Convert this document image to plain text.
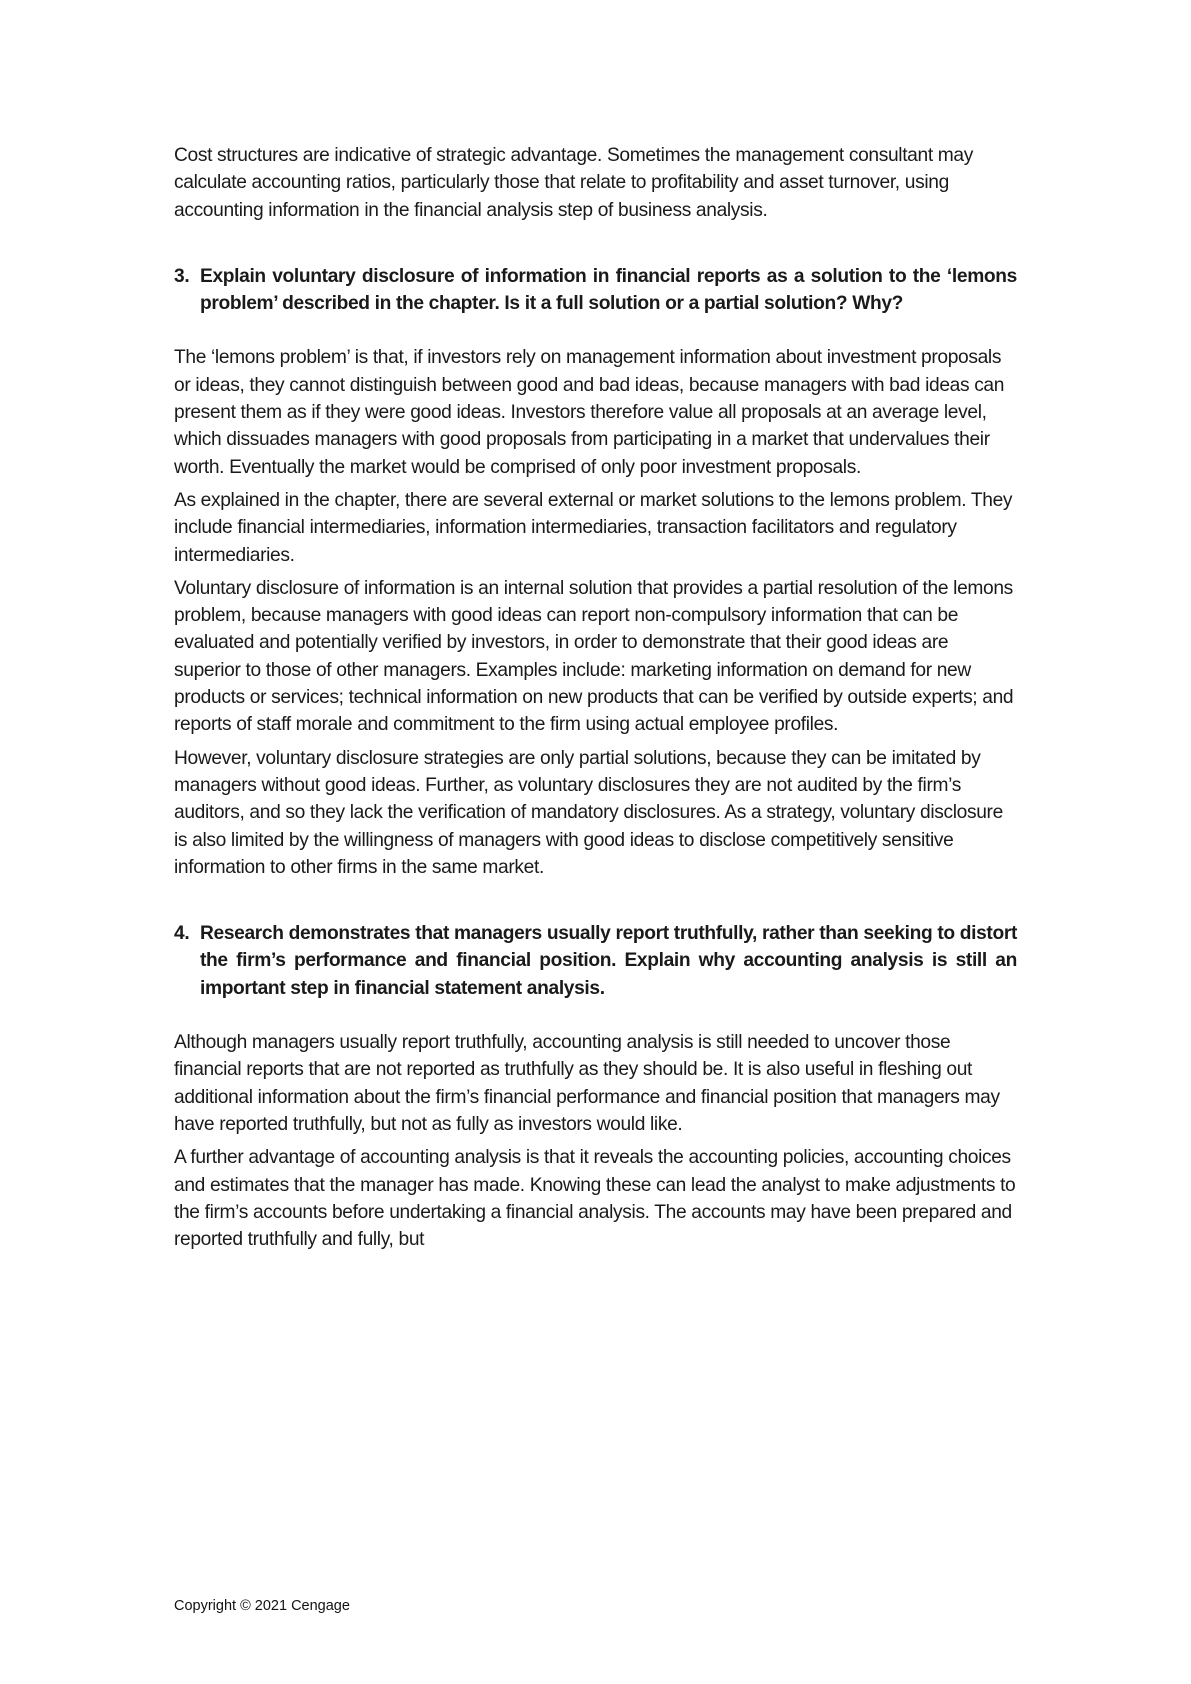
Cost structures are indicative of strategic advantage. Sometimes the management consultant may calculate accounting ratios, particularly those that relate to profitability and asset turnover, using accounting information in the financial analysis step of business analysis.

3. Explain voluntary disclosure of information in financial reports as a solution to the ‘lemons problem’ described in the chapter. Is it a full solution or a partial solution? Why?

The ‘lemons problem’ is that, if investors rely on management information about investment proposals or ideas, they cannot distinguish between good and bad ideas, because managers with bad ideas can present them as if they were good ideas. Investors therefore value all proposals at an average level, which dissuades managers with good proposals from participating in a market that undervalues their worth. Eventually the market would be comprised of only poor investment proposals.

As explained in the chapter, there are several external or market solutions to the lemons problem. They include financial intermediaries, information intermediaries, transaction facilitators and regulatory intermediaries.

Voluntary disclosure of information is an internal solution that provides a partial resolution of the lemons problem, because managers with good ideas can report non-compulsory information that can be evaluated and potentially verified by investors, in order to demonstrate that their good ideas are superior to those of other managers. Examples include: marketing information on demand for new products or services; technical information on new products that can be verified by outside experts; and reports of staff morale and commitment to the firm using actual employee profiles.

However, voluntary disclosure strategies are only partial solutions, because they can be imitated by managers without good ideas. Further, as voluntary disclosures they are not audited by the firm’s auditors, and so they lack the verification of mandatory disclosures. As a strategy, voluntary disclosure is also limited by the willingness of managers with good ideas to disclose competitively sensitive information to other firms in the same market.

4. Research demonstrates that managers usually report truthfully, rather than seeking to distort the firm’s performance and financial position. Explain why accounting analysis is still an important step in financial statement analysis.

Although managers usually report truthfully, accounting analysis is still needed to uncover those financial reports that are not reported as truthfully as they should be. It is also useful in fleshing out additional information about the firm’s financial performance and financial position that managers may have reported truthfully, but not as fully as investors would like.

A further advantage of accounting analysis is that it reveals the accounting policies, accounting choices and estimates that the manager has made. Knowing these can lead the analyst to make adjustments to the firm’s accounts before undertaking a financial analysis. The accounts may have been prepared and reported truthfully and fully, but

Copyright © 2021 Cengage
